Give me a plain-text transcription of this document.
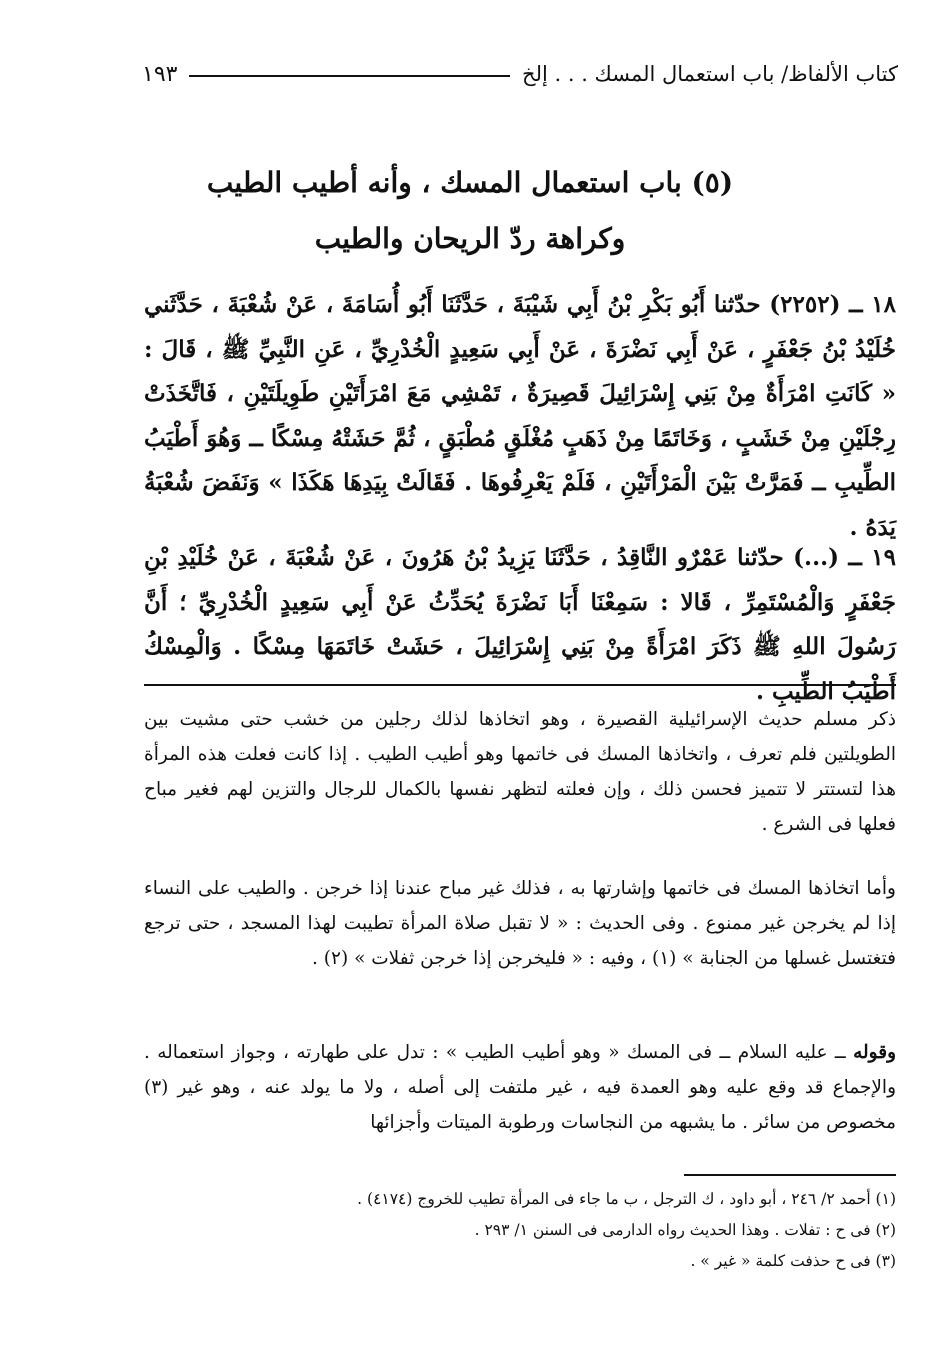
كتاب الألفاظ/ باب استعمال المسك . . . إلخ
١٩٣
(٥) باب استعمال المسك ، وأنه أطيب الطيب
وكراهة ردّ الريحان والطيب

١٨ ــ (٢٢٥٢) حدّثنا أَبُو بَكْرِ بْنُ أَبِي شَيْبَةَ ، حَدَّثَنَا أَبُو أُسَامَةَ ، عَنْ شُعْبَةَ ، حَدَّثَني خُلَيْدُ بْنُ جَعْفَرٍ ، عَنْ أَبِي نَضْرَةَ ، عَنْ أَبِي سَعِيدٍ الْخُدْرِيِّ ، عَنِ النَّبِيِّ ﷺ ، قَالَ : « كَانَتِ امْرَأَةٌ مِنْ بَنِي إِسْرَائِيلَ قَصِيرَةٌ ، تَمْشِي مَعَ امْرَأَتَيْنِ طَوِيلَتَيْنِ ، فَاتَّخَذَتْ رِجْلَيْنِ مِنْ خَشَبٍ ، وَخَاتَمًا مِنْ ذَهَبٍ مُغْلَقٍ مُطْبَقٍ ، ثُمَّ حَشَتْهُ مِسْكًا ــ وَهُوَ أَطْيَبُ الطِّيبِ ــ فَمَرَّتْ بَيْنَ الْمَرْأَتَيْنِ ، فَلَمْ يَعْرِفُوهَا . فَقَالَتْ بِيَدِهَا هَكَذَا » وَنَفَضَ شُعْبَةُ يَدَهُ .

١٩ ــ (...) حدّثنا عَمْرٌو النَّاقِدُ ، حَدَّثَنَا يَزِيدُ بْنُ هَرُونَ ، عَنْ شُعْبَةَ ، عَنْ خُلَيْدِ بْنِ جَعْفَرٍ وَالْمُسْتَمِرِّ ، قَالا : سَمِعْنَا أَبَا نَضْرَةَ يُحَدِّثُ عَنْ أَبِي سَعِيدٍ الْخُدْرِيِّ ؛ أَنَّ رَسُولَ اللهِ ﷺ ذَكَرَ امْرَأَةً مِنْ بَنِي إِسْرَائِيلَ ، حَشَتْ خَاتَمَهَا مِسْكًا . وَالْمِسْكُ أَطْيَبُ الطِّيبِ .

ذكر مسلم حديث الإسرائيلية القصيرة ، وهو اتخاذها لذلك رجلين من خشب حتى مشيت بين الطويلتين فلم تعرف ، واتخاذها المسك فى خاتمها وهو أطيب الطيب . إذا كانت فعلت هذه المرأة هذا لتستتر لا تتميز فحسن ذلك ، وإن فعلته لتظهر نفسها بالكمال للرجال والتزين لهم فغير مباح فعلها فى الشرع .

وأما اتخاذها المسك فى خاتمها وإشارتها به ، فذلك غير مباح عندنا إذا خرجن . والطيب على النساء إذا لم يخرجن غير ممنوع . وفى الحديث : « لا تقبل صلاة المرأة تطيبت لهذا المسجد ، حتى ترجع فتغتسل غسلها من الجنابة » (١) ، وفيه : « فليخرجن إذا خرجن ثفلات » (٢) .

وقوله ــ عليه السلام ــ فى المسك « وهو أطيب الطيب » : تدل على طهارته ، وجواز استعماله . والإجماع قد وقع عليه وهو العمدة فيه ، غير ملتفت إلى أصله ، ولا ما يولد عنه ، وهو غير (٣) مخصوص من سائر . ما يشبهه من النجاسات ورطوبة الميتات وأجزائها

(١) أحمد ٢/ ٢٤٦ ، أبو داود ، ك الترجل ، ب ما جاء فى المرأة تطيب للخروج (٤١٧٤) .

(٢) فى ح : تفلات . وهذا الحديث رواه الدارمى فى السنن ١/ ٢٩٣ .

(٣) فى ح حذفت كلمة « غير » .
